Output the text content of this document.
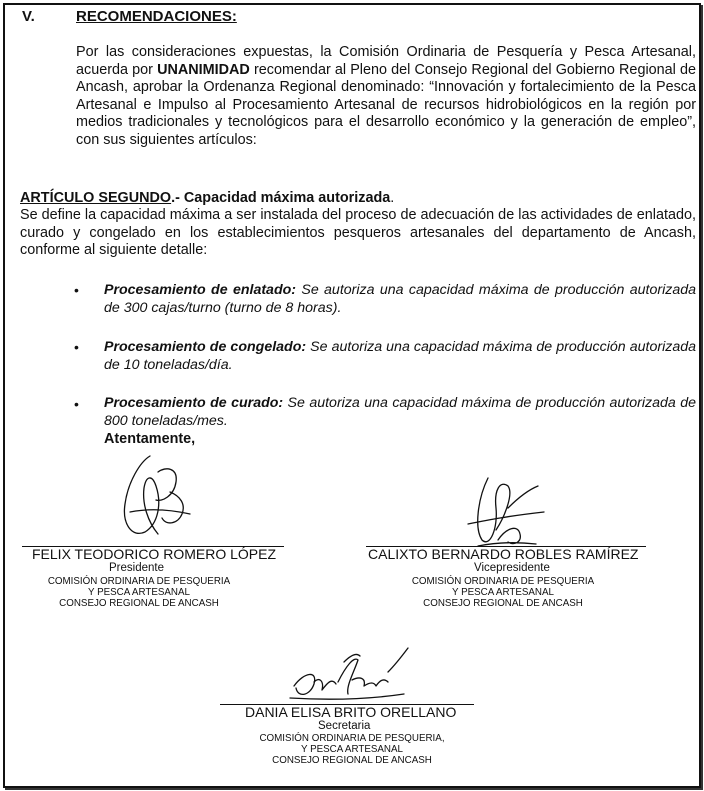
V.	RECOMENDACIONES:
Por las consideraciones expuestas, la Comisión Ordinaria de Pesquería y Pesca Artesanal, acuerda por UNANIMIDAD recomendar al Pleno del Consejo Regional del Gobierno Regional de Ancash, aprobar la Ordenanza Regional denominado: “Innovación y fortalecimiento de la Pesca Artesanal e Impulso al Procesamiento Artesanal de recursos hidrobiológicos en la región por medios tradicionales y tecnológicos para el desarrollo económico y la generación de empleo”, con sus siguientes artículos:
ARTÍCULO SEGUNDO.- Capacidad máxima autorizada.
Se define la capacidad máxima a ser instalada del proceso de adecuación de las actividades de enlatado, curado y congelado en los establecimientos pesqueros artesanales del departamento de Ancash, conforme al siguiente detalle:
• Procesamiento de enlatado: Se autoriza una capacidad máxima de producción autorizada de 300 cajas/turno (turno de 8 horas).
• Procesamiento de congelado: Se autoriza una capacidad máxima de producción autorizada de 10 toneladas/día.
• Procesamiento de curado: Se autoriza una capacidad máxima de producción autorizada de 800 toneladas/mes.
Atentamente,
FELIX TEODORICO ROMERO LÓPEZ
Presidente
COMISIÓN ORDINARIA DE PESQUERIA
Y PESCA ARTESANAL
CONSEJO REGIONAL DE ANCASH
CALIXTO BERNARDO ROBLES RAMÍREZ
Vicepresidente
COMISIÓN ORDINARIA DE PESQUERIA
Y PESCA ARTESANAL
CONSEJO REGIONAL DE ANCASH
DANIA ELISA BRITO ORELLANO
Secretaria
COMISIÓN ORDINARIA DE PESQUERIA,
Y PESCA ARTESANAL
CONSEJO REGIONAL DE ANCASH
